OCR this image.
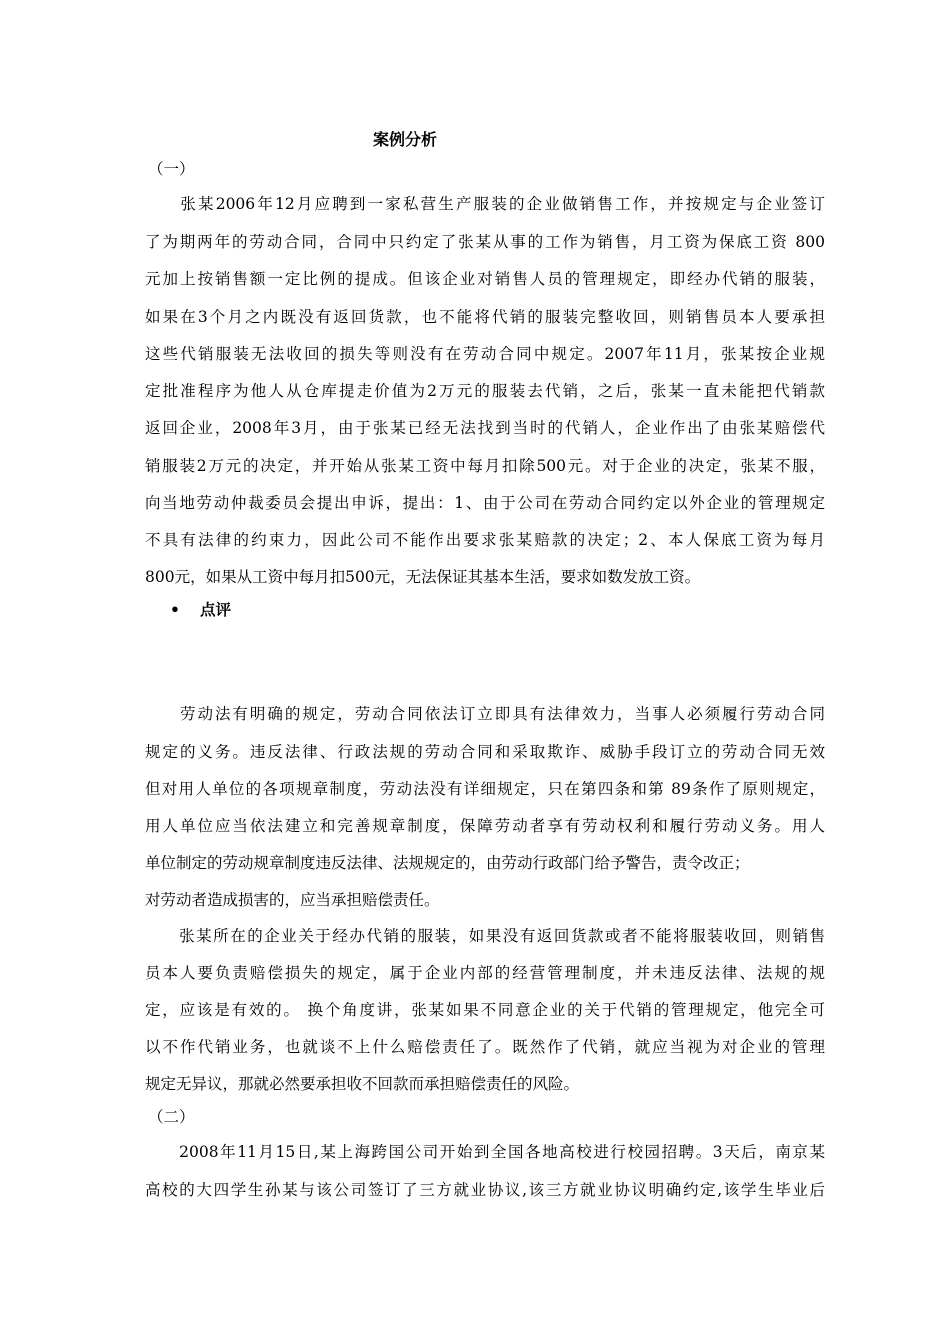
案例分析
（一）
　　张某2006年12月应聘到一家私营生产服装的企业做销售工作，并按规定与企业签订
了为期两年的劳动合同，合同中只约定了张某从事的工作为销售，月工资为保底工资 800
元加上按销售额一定比例的提成。但该企业对销售人员的管理规定，即经办代销的服装，
如果在3个月之内既没有返回货款，也不能将代销的服装完整收回，则销售员本人要承担
这些代销服装无法收回的损失等则没有在劳动合同中规定。2007年11月，张某按企业规
定批准程序为他人从仓库提走价值为2万元的服装去代销，之后，张某一直未能把代销款
返回企业，2008年3月，由于张某已经无法找到当时的代销人，企业作出了由张某赔偿代
销服装2万元的决定，并开始从张某工资中每月扣除500元。对于企业的决定，张某不服，
向当地劳动仲裁委员会提出申诉，提出：1、由于公司在劳动合同约定以外企业的管理规定
不具有法律的约束力，因此公司不能作出要求张某赔款的决定；2、本人保底工资为每月
800元，如果从工资中每月扣500元，无法保证其基本生活，要求如数发放工资。
• 点评
　　劳动法有明确的规定，劳动合同依法订立即具有法律效力，当事人必须履行劳动合同
规定的义务。违反法律、行政法规的劳动合同和采取欺诈、威胁手段订立的劳动合同无效
但对用人单位的各项规章制度，劳动法没有详细规定，只在第四条和第 89条作了原则规定，
用人单位应当依法建立和完善规章制度，保障劳动者享有劳动权利和履行劳动义务。用人
单位制定的劳动规章制度违反法律、法规规定的，由劳动行政部门给予警告，责令改正；
对劳动者造成损害的，应当承担赔偿责任。
　　张某所在的企业关于经办代销的服装，如果没有返回货款或者不能将服装收回，则销售
员本人要负责赔偿损失的规定，属于企业内部的经营管理制度，并未违反法律、法规的规
定，应该是有效的。 换个角度讲，张某如果不同意企业的关于代销的管理规定，他完全可
以不作代销业务，也就谈不上什么赔偿责任了。既然作了代销，就应当视为对企业的管理
规定无异议，那就必然要承担收不回款而承担赔偿责任的风险。
（二）
　　2008年11月15日,某上海跨国公司开始到全国各地高校进行校园招聘。3天后，南京某
高校的大四学生孙某与该公司签订了三方就业协议,该三方就业协议明确约定,该学生毕业后
